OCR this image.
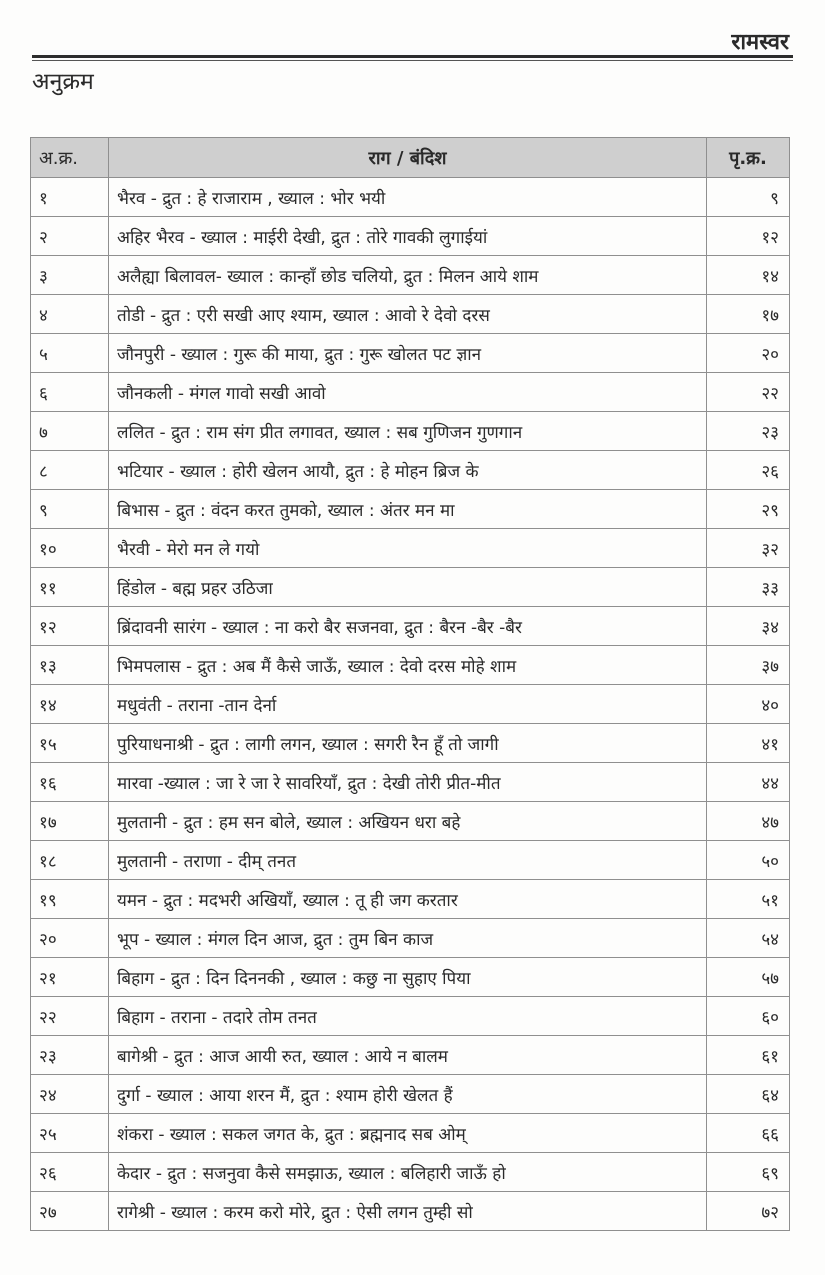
रामस्वर
अनुक्रम
अ.क्र.	राग / बंदिश	पृ.क्र.
१	भैरव - द्रुत : हे राजाराम , ख्याल : भोर भयी	९
२	अहिर भैरव - ख्याल : माईरी देखी, द्रुत : तोरे गावकी लुगाईयां	१२
३	अलैह्या बिलावल- ख्याल : कान्हाँ छोड चलियो, द्रुत : मिलन आये शाम	१४
४	तोडी - द्रुत : एरी सखी आए श्याम, ख्याल : आवो रे देवो दरस	१७
५	जौनपुरी - ख्याल : गुरू की माया, द्रुत : गुरू खोलत पट ज्ञान	२०
६	जौनकली - मंगल गावो सखी आवो	२२
७	ललित - द्रुत : राम संग प्रीत लगावत, ख्याल : सब गुणिजन गुणगान	२३
८	भटियार - ख्याल : होरी खेलन आयौ, द्रुत : हे मोहन ब्रिज के	२६
९	बिभास - द्रुत : वंदन करत तुमको, ख्याल : अंतर मन मा	२९
१०	भैरवी - मेरो मन ले गयो	३२
११	हिंडोल - बह्म प्रहर उठिजा	३३
१२	ब्रिंदावनी सारंग - ख्याल : ना करो बैर सजनवा, द्रुत : बैरन -बैर -बैर	३४
१३	भिमपलास - द्रुत : अब मैं कैसे जाऊँ, ख्याल : देवो दरस मोहे शाम	३७
१४	मधुवंती - तराना -तान देर्ना	४०
१५	पुरियाधनाश्री - द्रुत : लागी लगन, ख्याल : सगरी रैन हूँ तो जागी	४१
१६	मारवा -ख्याल : जा रे जा रे सावरियाँ, द्रुत : देखी तोरी प्रीत-मीत	४४
१७	मुलतानी - द्रुत : हम सन बोले, ख्याल : अखियन धरा बहे	४७
१८	मुलतानी - तराणा - दीम् तनत	५०
१९	यमन - द्रुत : मदभरी अखियाँ, ख्याल : तू ही जग करतार	५१
२०	भूप - ख्याल : मंगल दिन आज, द्रुत : तुम बिन काज	५४
२१	बिहाग - द्रुत : दिन दिननकी , ख्याल : कछु ना सुहाए पिया	५७
२२	बिहाग - तराना - तदारे तोम तनत	६०
२३	बागेश्री - द्रुत : आज आयी रुत, ख्याल : आये न बालम	६१
२४	दुर्गा - ख्याल : आया शरन मैं, द्रुत : श्याम होरी खेलत हैं	६४
२५	शंकरा - ख्याल : सकल जगत के, द्रुत : ब्रह्मनाद सब ओम्	६६
२६	केदार - द्रुत : सजनुवा कैसे समझाऊ, ख्याल : बलिहारी जाऊँ हो	६९
२७	रागेश्री - ख्याल : करम करो मोरे, द्रुत : ऐसी लगन तुम्ही सो	७२
